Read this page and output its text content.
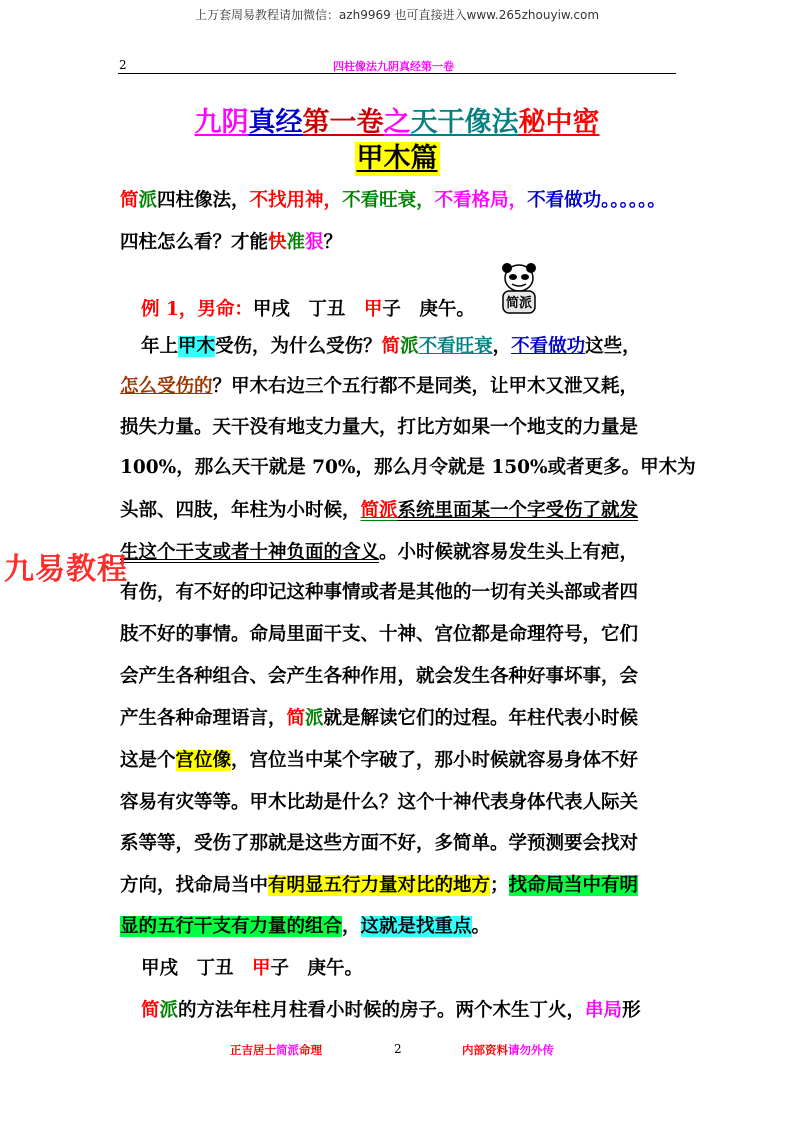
上万套周易教程请加微信：azh9969 也可直接进入www.265zhouyiw.com
2	四柱像法九阴真经第一卷
九阴真经第一卷之天干像法秘中密
甲木篇
简派四柱像法，不找用神，不看旺衰，不看格局，不看做功。。。。。。
四柱怎么看？才能快准狠？
例 1，男命：甲戌　丁丑　甲子　庚午。 简派
年上甲木受伤，为什么受伤？简派不看旺衰，不看做功这些，
怎么受伤的？甲木右边三个五行都不是同类，让甲木又泄又耗，
损失力量。天干没有地支力量大，打比方如果一个地支的力量是
100%，那么天干就是 70%，那么月令就是 150%或者更多。甲木为
头部、四肢，年柱为小时候，简派系统里面某一个字受伤了就发
生这个干支或者十神负面的含义。小时候就容易发生头上有疤，
九易教程
有伤，有不好的印记这种事情或者是其他的一切有关头部或者四
肢不好的事情。命局里面干支、十神、宫位都是命理符号，它们
会产生各种组合、会产生各种作用，就会发生各种好事坏事，会
产生各种命理语言，简派就是解读它们的过程。年柱代表小时候
这是个宫位像，宫位当中某个字破了，那小时候就容易身体不好
容易有灾等等。甲木比劫是什么？这个十神代表身体代表人际关
系等等，受伤了那就是这些方面不好，多简单。学预测要会找对
方向，找命局当中有明显五行力量对比的地方；找命局当中有明
显的五行干支有力量的组合，这就是找重点。
甲戌　丁丑　甲子　庚午。
简派的方法年柱月柱看小时候的房子。两个木生丁火，串局形
正吉居士简派命理	2	内部资料请勿外传
